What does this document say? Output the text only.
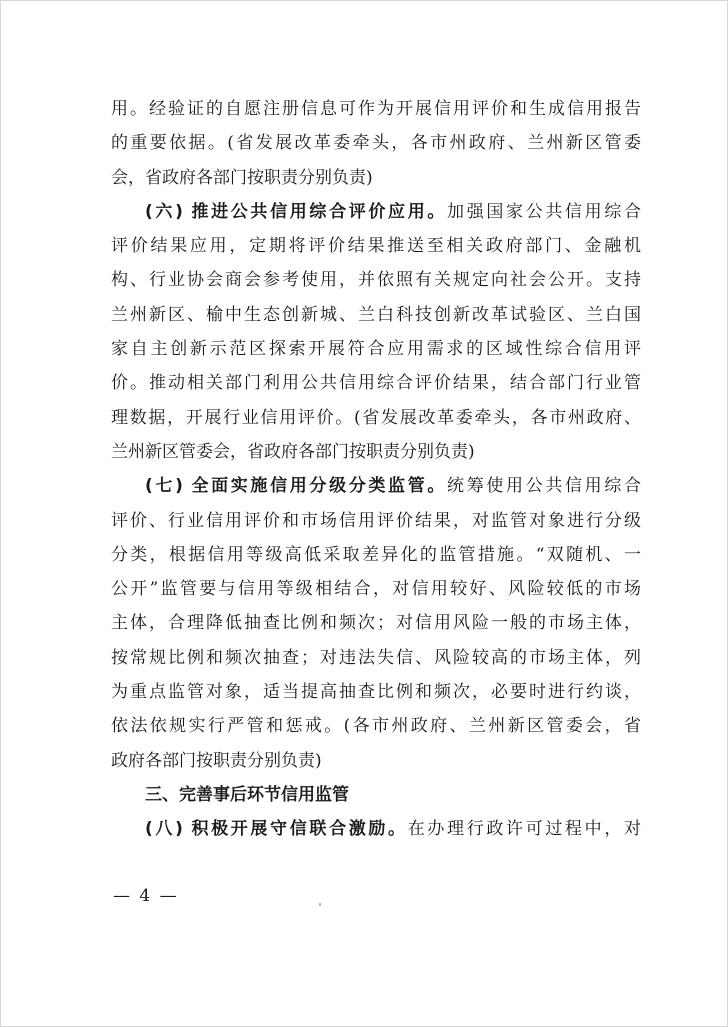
用。经验证的自愿注册信息可作为开展信用评价和生成信用报告
的重要依据。(省发展改革委牵头，各市州政府、兰州新区管委
会，省政府各部门按职责分别负责)
(六) 推进公共信用综合评价应用。加强国家公共信用综合
评价结果应用，定期将评价结果推送至相关政府部门、金融机
构、行业协会商会参考使用，并依照有关规定向社会公开。支持
兰州新区、榆中生态创新城、兰白科技创新改革试验区、兰白国
家自主创新示范区探索开展符合应用需求的区域性综合信用评
价。推动相关部门利用公共信用综合评价结果，结合部门行业管
理数据，开展行业信用评价。(省发展改革委牵头，各市州政府、
兰州新区管委会，省政府各部门按职责分别负责)
(七) 全面实施信用分级分类监管。统筹使用公共信用综合
评价、行业信用评价和市场信用评价结果，对监管对象进行分级
分类，根据信用等级高低采取差异化的监管措施。“双随机、一
公开”监管要与信用等级相结合，对信用较好、风险较低的市场
主体，合理降低抽查比例和频次；对信用风险一般的市场主体，
按常规比例和频次抽查；对违法失信、风险较高的市场主体，列
为重点监管对象，适当提高抽查比例和频次，必要时进行约谈，
依法依规实行严管和惩戒。(各市州政府、兰州新区管委会，省
政府各部门按职责分别负责)
三、完善事后环节信用监管
(八) 积极开展守信联合激励。在办理行政许可过程中，对
— 4 —
